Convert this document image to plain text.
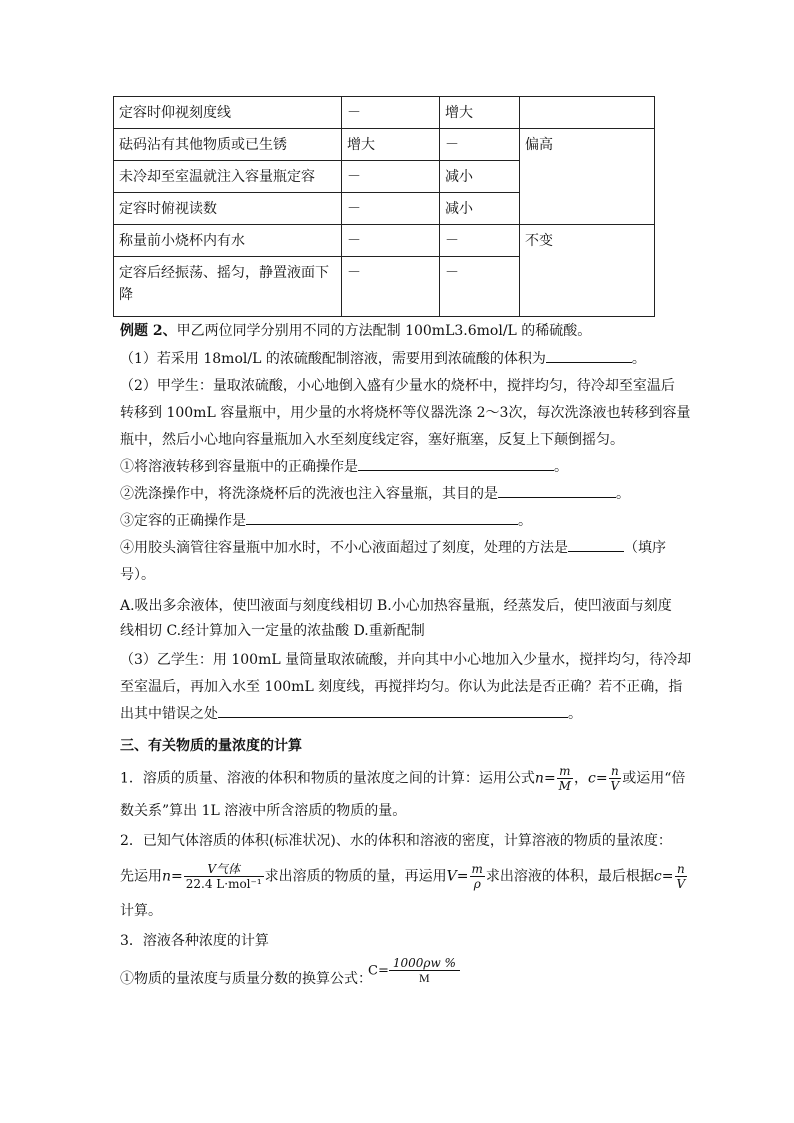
定容时仰视刻度线	－	增大	
砝码沾有其他物质或已生锈	增大	－	偏高
未冷却至室温就注入容量瓶定容	－	减小	
定容时俯视读数	－	减小	
称量前小烧杯内有水	－	－	不变
定容后经振荡、摇匀，静置液面下降	－	－	
例题 2、甲乙两位同学分别用不同的方法配制 100mL3.6mol/L 的稀硫酸。
（1）若采用 18mol/L 的浓硫酸配制溶液，需要用到浓硫酸的体积为	。
（2）甲学生：量取浓硫酸，小心地倒入盛有少量水的烧杯中，搅拌均匀，待冷却至室温后
转移到 100mL 容量瓶中，用少量的水将烧杯等仪器洗涤 2～3次，每次洗涤液也转移到容量
瓶中，然后小心地向容量瓶加入水至刻度线定容，塞好瓶塞，反复上下颠倒摇匀。
①将溶液转移到容量瓶中的正确操作是	。
②洗涤操作中，将洗涤烧杯后的洗液也注入容量瓶，其目的是	。
③定容的正确操作是	。
④用胶头滴管往容量瓶中加水时，不小心液面超过了刻度，处理的方法是	（填序
号）。
A.吸出多余液体，使凹液面与刻度线相切 B.小心加热容量瓶，经蒸发后，使凹液面与刻度
线相切 C.经计算加入一定量的浓盐酸 D.重新配制
（3）乙学生：用 100mL 量筒量取浓硫酸，并向其中小心地加入少量水，搅拌均匀，待冷却
至室温后，再加入水至 100mL 刻度线，再搅拌均匀。你认为此法是否正确？若不正确，指
出其中错误之处	。
三、有关物质的量浓度的计算
1．溶质的质量、溶液的体积和物质的量浓度之间的计算：运用公式$n= \frac{m}{M}$ ，$c= \frac{n}{V}$ 或运用“倍
数关系”算出 1L 溶液中所含溶质的物质的量。
2．已知气体溶质的体积(标准状况)、水的体积和溶液的密度，计算溶液的物质的量浓度：
先运用$n= \frac{\text{V气体}}{\text{22.4 L·mol⁻¹}}$ 求出溶质的物质的量，再运用$V= \frac{m}{\rho}$ 求出溶液的体积，最后根据$c= \frac{n}{V}$
计算。
3．溶液各种浓度的计算
①物质的量浓度与质量分数的换算公式：
$C= \frac{1000\rho w \%}{M}$
